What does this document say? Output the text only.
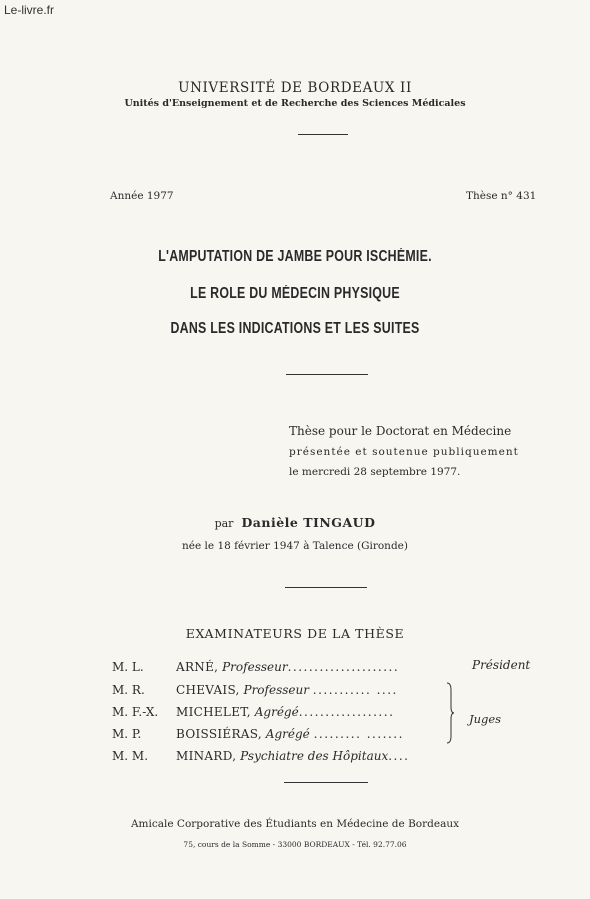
Le-livre.fr
UNIVERSITÉ DE BORDEAUX II
Unités d'Enseignement et de Recherche des Sciences Médicales
Année 1977	Thèse n° 431
L'AMPUTATION DE JAMBE POUR ISCHÉMIE.
LE ROLE DU MÉDECIN PHYSIQUE
DANS LES INDICATIONS ET LES SUITES
Thèse pour le Doctorat en Médecine
présentée et soutenue publiquement
le mercredi 28 septembre 1977.
par Danièle TINGAUD
née le 18 février 1947 à Talence (Gironde)
EXAMINATEURS DE LA THÈSE
M. L.	ARNÉ, Professeur.....................
M. R.	CHEVAIS, Professeur ........... ....
M. F.-X. MICHELET, Agrégé..................
M. P.	BOISSIÉRAS, Agrégé ......... .......
M. M. MINARD, Psychiatre des Hôpitaux....
Président
Juges
Amicale Corporative des Étudiants en Médecine de Bordeaux
75, cours de la Somme - 33000 BORDEAUX - Tél. 92.77.06
